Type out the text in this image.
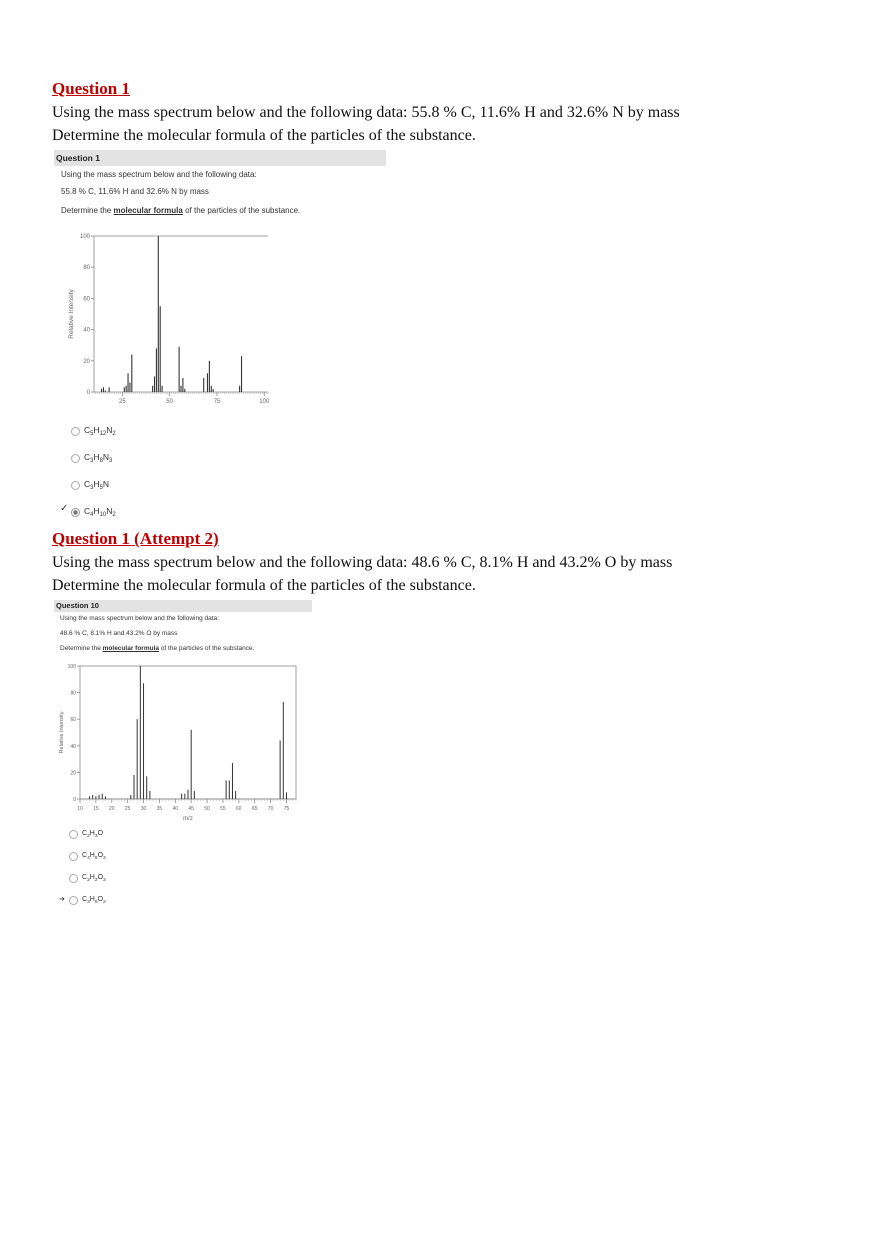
Question 1
Using the mass spectrum below and the following data: 55.8 % C, 11.6% H and 32.6% N by mass
Determine the molecular formula of the particles of the substance.
Question 1
Using the mass spectrum below and the following data:
55.8 % C, 11.6% H and 32.6% N by mass
Determine the molecular formula of the particles of the substance.
0
20
40
60
80
100
25	50	75	100
Relative Intensity
$C_5H_{12}N_2$
$C_3H_8N_3$
$C_3H_5N$
$C_4H_{10}N_2$
✓
Question 1 (Attempt 2)
Using the mass spectrum below and the following data: 48.6 % C, 8.1% H and 43.2% O by mass
Determine the molecular formula of the particles of the substance.
Question 10
Using the mass spectrum below and the following data:
48.6 % C, 8.1% H and 43.2% O by mass
Determine the molecular formula of the particles of the substance.
0
20
40
60
80
100
10 15 20 25 30 35 40 45 50 55 60 65 70 75
Relative Intensity
m/z
$C_2H_3O$
$C_4H_6O_3$
$C_2H_2O_3$
$C_3H_6O_2$
➔
